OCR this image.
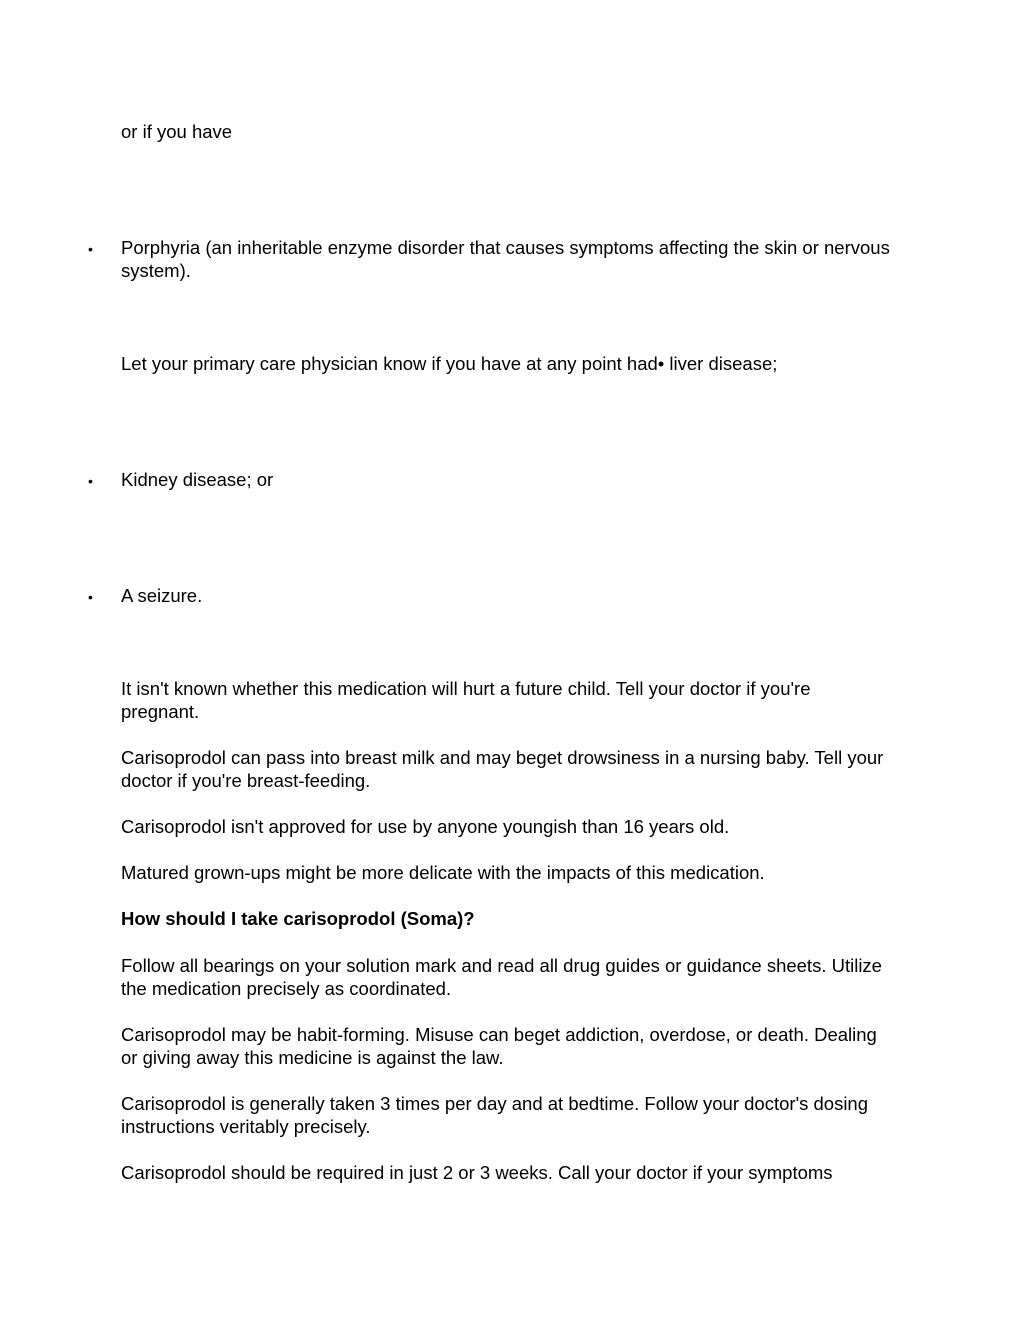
or if you have

•	Porphyria (an inheritable enzyme disorder that causes symptoms affecting the skin or nervous system).

Let your primary care physician know if you have at any point had• liver disease;

•	Kidney disease; or

•	A seizure.

It isn't known whether this medication will hurt a future child. Tell your doctor if you're pregnant.

Carisoprodol can pass into breast milk and may beget drowsiness in a nursing baby. Tell your doctor if you're breast-feeding.

Carisoprodol isn't approved for use by anyone youngish than 16 years old.

Matured grown-ups might be more delicate with the impacts of this medication.

How should I take carisoprodol (Soma)?

Follow all bearings on your solution mark and read all drug guides or guidance sheets. Utilize the medication precisely as coordinated.

Carisoprodol may be habit-forming. Misuse can beget addiction, overdose, or death. Dealing or giving away this medicine is against the law.

Carisoprodol is generally taken 3 times per day and at bedtime. Follow your doctor's dosing instructions veritably precisely.

Carisoprodol should be required in just 2 or 3 weeks. Call your doctor if your symptoms
